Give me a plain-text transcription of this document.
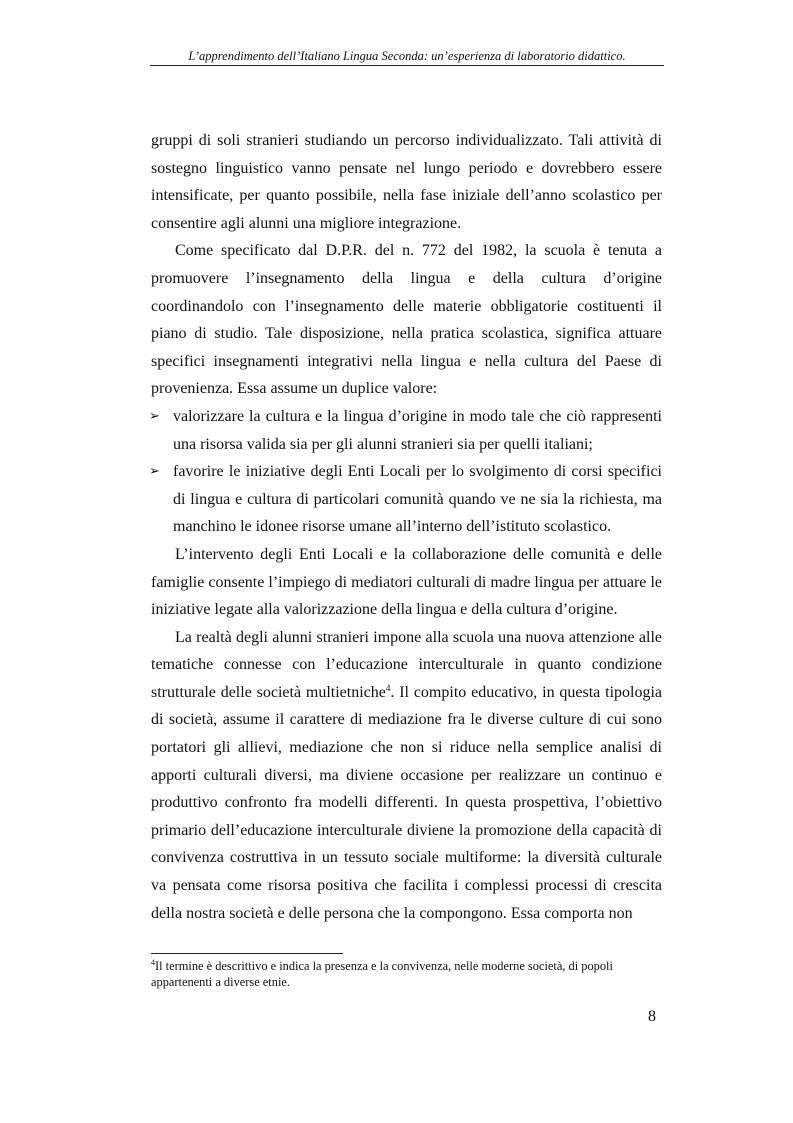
L’apprendimento dell’Italiano Lingua Seconda: un’esperienza di laboratorio didattico.

gruppi di soli stranieri studiando un percorso individualizzato. Tali attività di sostegno linguistico vanno pensate nel lungo periodo e dovrebbero essere intensificate, per quanto possibile, nella fase iniziale dell’anno scolastico per consentire agli alunni una migliore integrazione.

Come specificato dal D.P.R. del n. 772 del 1982, la scuola è tenuta a promuovere l’insegnamento della lingua e della cultura d’origine coordinandolo con l’insegnamento delle materie obbligatorie costituenti il piano di studio. Tale disposizione, nella pratica scolastica, significa attuare specifici insegnamenti integrativi nella lingua e nella cultura del Paese di provenienza. Essa assume un duplice valore:

➢ valorizzare la cultura e la lingua d’origine in modo tale che ciò rappresenti una risorsa valida sia per gli alunni stranieri sia per quelli italiani;
➢ favorire le iniziative degli Enti Locali per lo svolgimento di corsi specifici di lingua e cultura di particolari comunità quando ve ne sia la richiesta, ma manchino le idonee risorse umane all’interno dell’istituto scolastico.

L’intervento degli Enti Locali e la collaborazione delle comunità e delle famiglie consente l’impiego di mediatori culturali di madre lingua per attuare le iniziative legate alla valorizzazione della lingua e della cultura d’origine.

La realtà degli alunni stranieri impone alla scuola una nuova attenzione alle tematiche connesse con l’educazione interculturale in quanto condizione strutturale delle società multietniche$^4$. Il compito educativo, in questa tipologia di società, assume il carattere di mediazione fra le diverse culture di cui sono portatori gli allievi, mediazione che non si riduce nella semplice analisi di apporti culturali diversi, ma diviene occasione per realizzare un continuo e produttivo confronto fra modelli differenti. In questa prospettiva, l’obiettivo primario dell’educazione interculturale diviene la promozione della capacità di convivenza costruttiva in un tessuto sociale multiforme: la diversità culturale va pensata come risorsa positiva che facilita i complessi processi di crescita della nostra società e delle persona che la compongono. Essa comporta non

$^4$Il termine è descrittivo e indica la presenza e la convivenza, nelle moderne società, di popoli appartenenti a diverse etnie.
8
